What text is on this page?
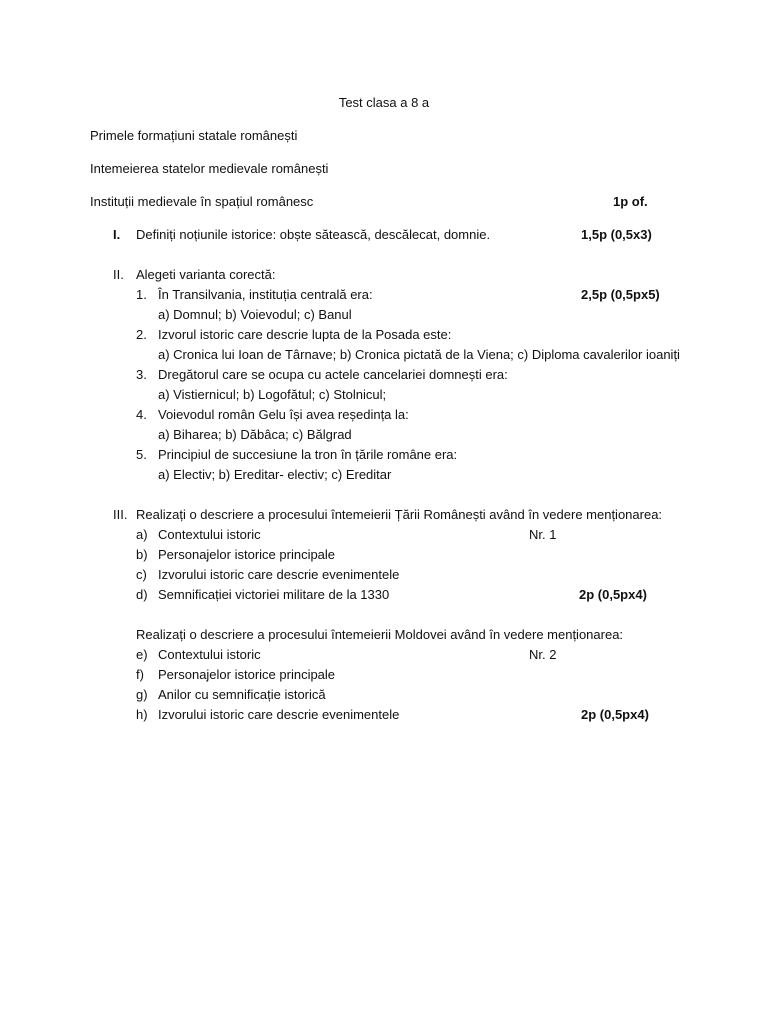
Test clasa a 8 a
Primele formațiuni statale românești
Intemeierea statelor medievale românești
Instituții medievale în spațiul românesc	1p of.
I. Definiți noțiunile istorice: obște sătească, descălecat, domnie.	1,5p (0,5x3)
II. Alegeti varianta corectă:
1. În Transilvania, instituția centrală era:	2,5p (0,5px5)
a) Domnul; b) Voievodul; c) Banul
2. Izvorul istoric care descrie lupta de la Posada este:
a) Cronica lui Ioan de Târnave; b) Cronica pictată de la Viena; c) Diploma cavalerilor ioaniți
3. Dregătorul care se ocupa cu actele cancelariei domnești era:
a) Vistiernicul; b) Logofătul; c) Stolnicul;
4. Voievodul român Gelu își avea reședința la:
a) Biharea; b) Dăbâca; c) Bălgrad
5. Principiul de succesiune la tron în țările române era:
a) Electiv; b) Ereditar- electiv; c) Ereditar
III. Realizați o descriere a procesului întemeierii Țării Românești având în vedere menționarea:
a) Contextului istoric	Nr. 1
b) Personajelor istorice principale
c) Izvorului istoric care descrie evenimentele
d) Semnificației victoriei militare de la 1330	2p (0,5px4)
Realizați o descriere a procesului întemeierii Moldovei având în vedere menționarea:
e) Contextului istoric	Nr. 2
f) Personajelor istorice principale
g) Anilor cu semnificație istorică
h) Izvorului istoric care descrie evenimentele	2p (0,5px4)
